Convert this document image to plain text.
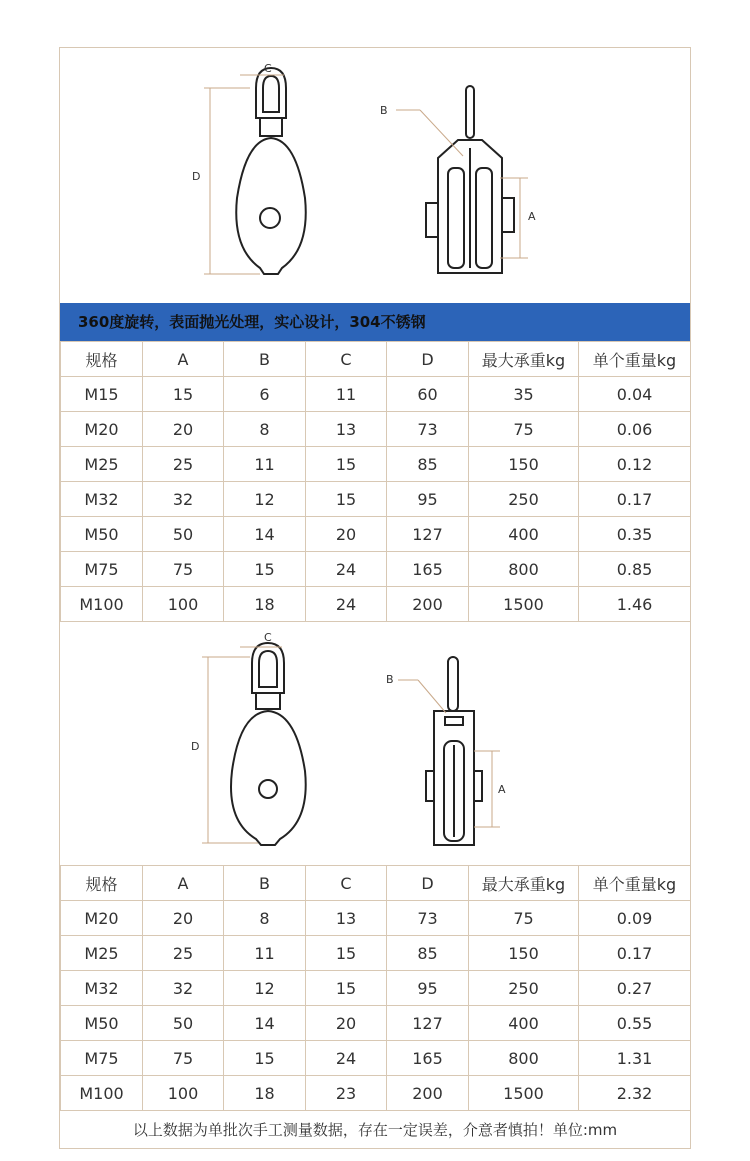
C
D
B
A
360度旋转，表面抛光处理，实心设计，304不锈钢
规格	A	B	C	D	最大承重kg	单个重量kg
M15	15	6	11	60	35	0.04
M20	20	8	13	73	75	0.06
M25	25	11	15	85	150	0.12
M32	32	12	15	95	250	0.17
M50	50	14	20	127	400	0.35
M75	75	15	24	165	800	0.85
M100	100	18	24	200	1500	1.46
C
D
B
A
规格	A	B	C	D	最大承重kg	单个重量kg
M20	20	8	13	73	75	0.09
M25	25	11	15	85	150	0.17
M32	32	12	15	95	250	0.27
M50	50	14	20	127	400	0.55
M75	75	15	24	165	800	1.31
M100	100	18	23	200	1500	2.32
以上数据为单批次手工测量数据，存在一定误差，介意者慎拍！单位:mm
